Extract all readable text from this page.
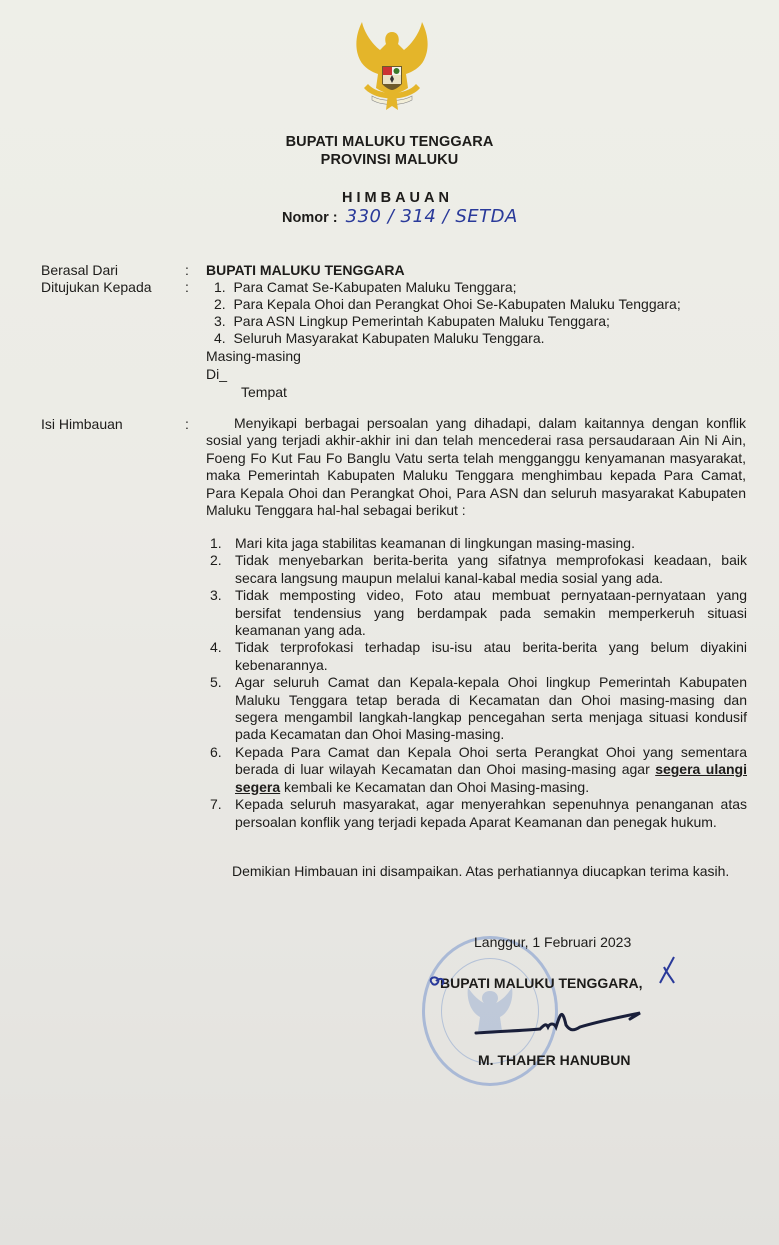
BUPATI MALUKU TENGGARA
PROVINSI MALUKU
HIMBAUAN
Nomor : 330 / 314 / SETDA
Berasal Dari	: BUPATI MALUKU TENGGARA
Ditujukan Kepada : 1. Para Camat Se-Kabupaten Maluku Tenggara;
2. Para Kepala Ohoi dan Perangkat Ohoi Se-Kabupaten Maluku Tenggara;
3. Para ASN Lingkup Pemerintah Kabupaten Maluku Tenggara;
4. Seluruh Masyarakat Kabupaten Maluku Tenggara.
Masing-masing
Di_
Tempat
Isi Himbauan	:	Menyikapi berbagai persoalan yang dihadapi, dalam kaitannya dengan konflik sosial yang terjadi akhir-akhir ini dan telah mencederai rasa persaudaraan Ain Ni Ain, Foeng Fo Kut Fau Fo Banglu Vatu serta telah mengganggu kenyamanan masyarakat, maka Pemerintah Kabupaten Maluku Tenggara menghimbau kepada Para Camat, Para Kepala Ohoi dan Perangkat Ohoi, Para ASN dan seluruh masyarakat Kabupaten Maluku Tenggara hal-hal sebagai berikut :
1. Mari kita jaga stabilitas keamanan di lingkungan masing-masing.
2. Tidak menyebarkan berita-berita yang sifatnya memprofokasi keadaan, baik secara langsung maupun melalui kanal-kabal media sosial yang ada.
3. Tidak memposting video, Foto atau membuat pernyataan-pernyataan yang bersifat tendensius yang berdampak pada semakin memperkeruh situasi keamanan yang ada.
4. Tidak terprofokasi terhadap isu-isu atau berita-berita yang belum diyakini kebenarannya.
5. Agar seluruh Camat dan Kepala-kepala Ohoi lingkup Pemerintah Kabupaten Maluku Tenggara tetap berada di Kecamatan dan Ohoi masing-masing dan segera mengambil langkah-langkap pencegahan serta menjaga situasi kondusif pada Kecamatan dan Ohoi Masing-masing.
6. Kepada Para Camat dan Kepala Ohoi serta Perangkat Ohoi yang sementara berada di luar wilayah Kecamatan dan Ohoi masing-masing agar segera ulangi segera kembali ke Kecamatan dan Ohoi Masing-masing.
7. Kepada seluruh masyarakat, agar menyerahkan sepenuhnya penanganan atas persoalan konflik yang terjadi kepada Aparat Keamanan dan penegak hukum.
Demikian Himbauan ini disampaikan. Atas perhatiannya diucapkan terima kasih.
Langgur, 1 Februari 2023
BUPATI MALUKU TENGGARA,
M. THAHER HANUBUN
